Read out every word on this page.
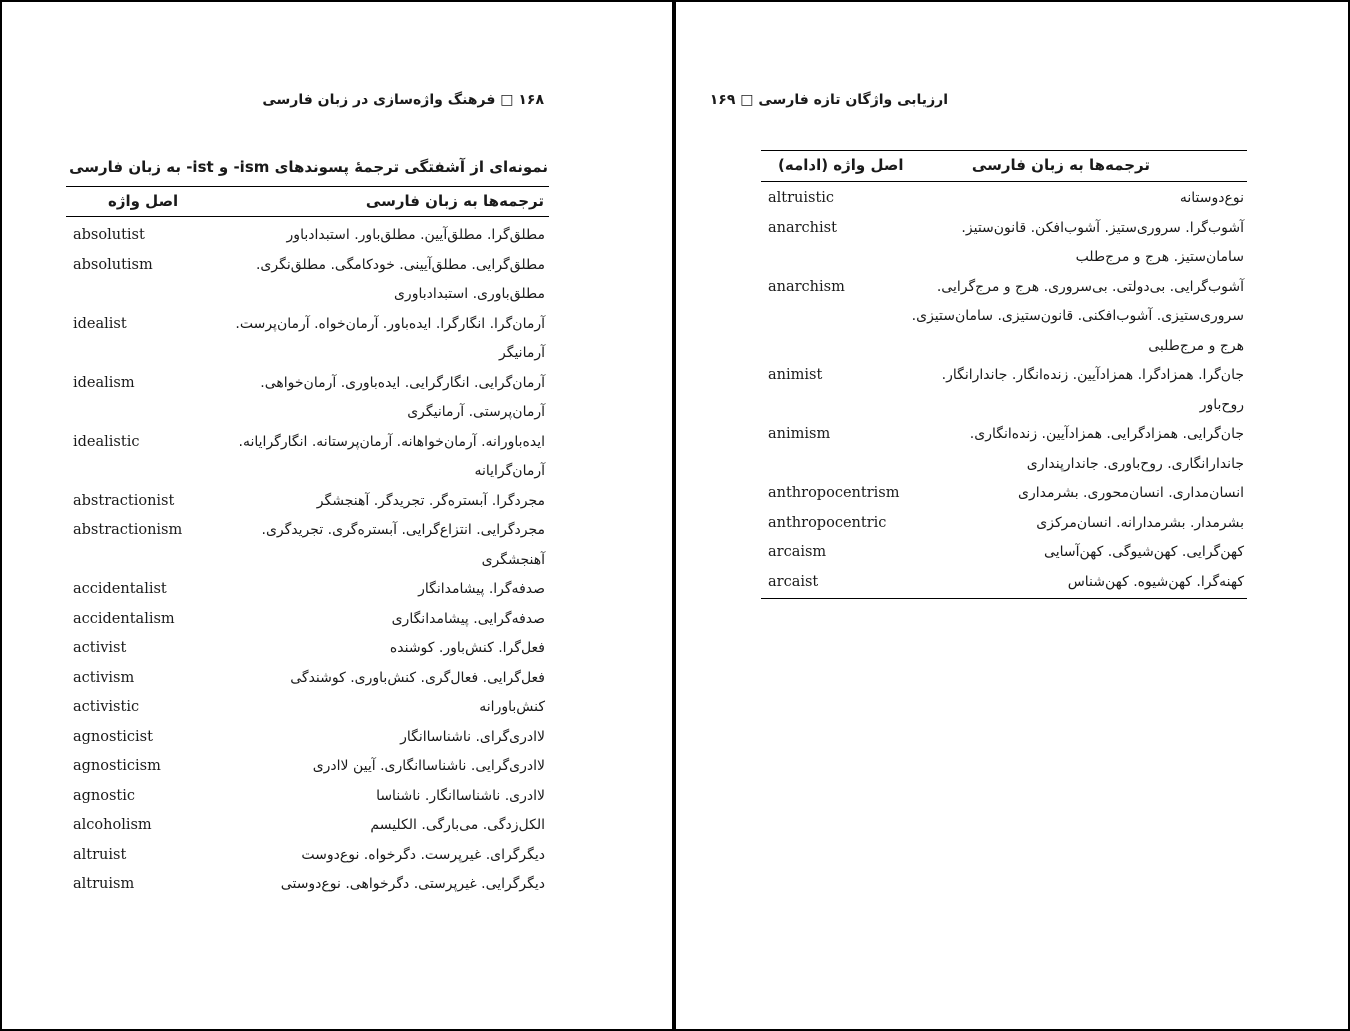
۱۶۸ □ فرهنگ واژه‌سازی در زبان فارسی
نمونه‌ای از آشفتگی ترجمهٔ پسوندهای ism- و ist- به زبان فارسی
ترجمه‌ها به زبان فارسی
اصل واژه
absolutist	مطلق‌گرا. مطلق‌آیین. مطلق‌باور. استبدادباور
absolutism	مطلق‌گرایی. مطلق‌آیینی. خودکامگی. مطلق‌نگری.
مطلق‌باوری. استبدادباوری
idealist	آرمان‌گرا. انگارگرا. ایده‌باور. آرمان‌خواه. آرمان‌پرست.
آرمانیگر
idealism	آرمان‌گرایی. انگارگرایی. ایده‌باوری. آرمان‌خواهی.
آرمان‌پرستی. آرمانیگری
idealistic	ایده‌باورانه. آرمان‌خواهانه. آرمان‌پرستانه. انگارگرایانه.
آرمان‌گرایانه
abstractionist	مجردگرا. آبسترە‌گر. تجریدگر. آهنجشگر
abstractionism	مجردگرایی. انتزاع‌گرایی. آبسترە‌گری. تجریدگری.
آهنجشگری
accidentalist	صدفه‌گرا. پیشامدانگار
accidentalism	صدفه‌گرایی. پیشامدانگاری
activist	فعل‌گرا. کنش‌باور. کوشنده
activism	فعل‌گرایی. فعال‌گری. کنش‌باوری. کوشندگی
activistic	کنش‌باورانه
agnosticist	لاادری‌گرای. ناشناساانگار
agnosticism	لاادری‌گرایی. ناشناساانگاری. آیین لاادری
agnostic	لاادری. ناشناساانگار. ناشناسا
alcoholism	الکل‌زدگی. می‌بارگی. الکلیسم
altruist	دیگرگرای. غیرپرست. دگرخواه. نوع‌دوست
altruism	دیگرگرایی. غیرپرستی. دگرخواهی. نوع‌دوستی
ارزیابی واژگان تازه فارسی □ ۱۶۹
ترجمه‌ها به زبان فارسی
اصل واژه (ادامه)
altruistic	نوع‌دوستانه
anarchist	آشوب‌گرا. سروری‌ستیز. آشوب‌افکن. قانون‌ستیز.
سامان‌ستیز. هرج و مرج‌طلب
anarchism	آشوب‌گرایی. بی‌دولتی. بی‌سروری. هرج و مرج‌گرایی.
سروری‌ستیزی. آشوب‌افکنی. قانون‌ستیزی. سامان‌ستیزی.
هرج و مرج‌طلبی
animist	جان‌گرا. همزادگرا. همزادآیین. زنده‌انگار. جاندارانگار.
روح‌باور
animism	جان‌گرایی. همزادگرایی. همزادآیین. زنده‌انگاری.
جاندارانگاری. روح‌باوری. جاندارپنداری
anthropocentrism	انسان‌مداری. انسان‌محوری. بشرمداری
anthropocentric	بشرمدار. بشرمدارانه. انسان‌مرکزی
arcaism	کهن‌گرایی. کهن‌شیوگی. کهن‌آسایی
arcaist	کهنه‌گرا. کهن‌شیوه. کهن‌شناس
